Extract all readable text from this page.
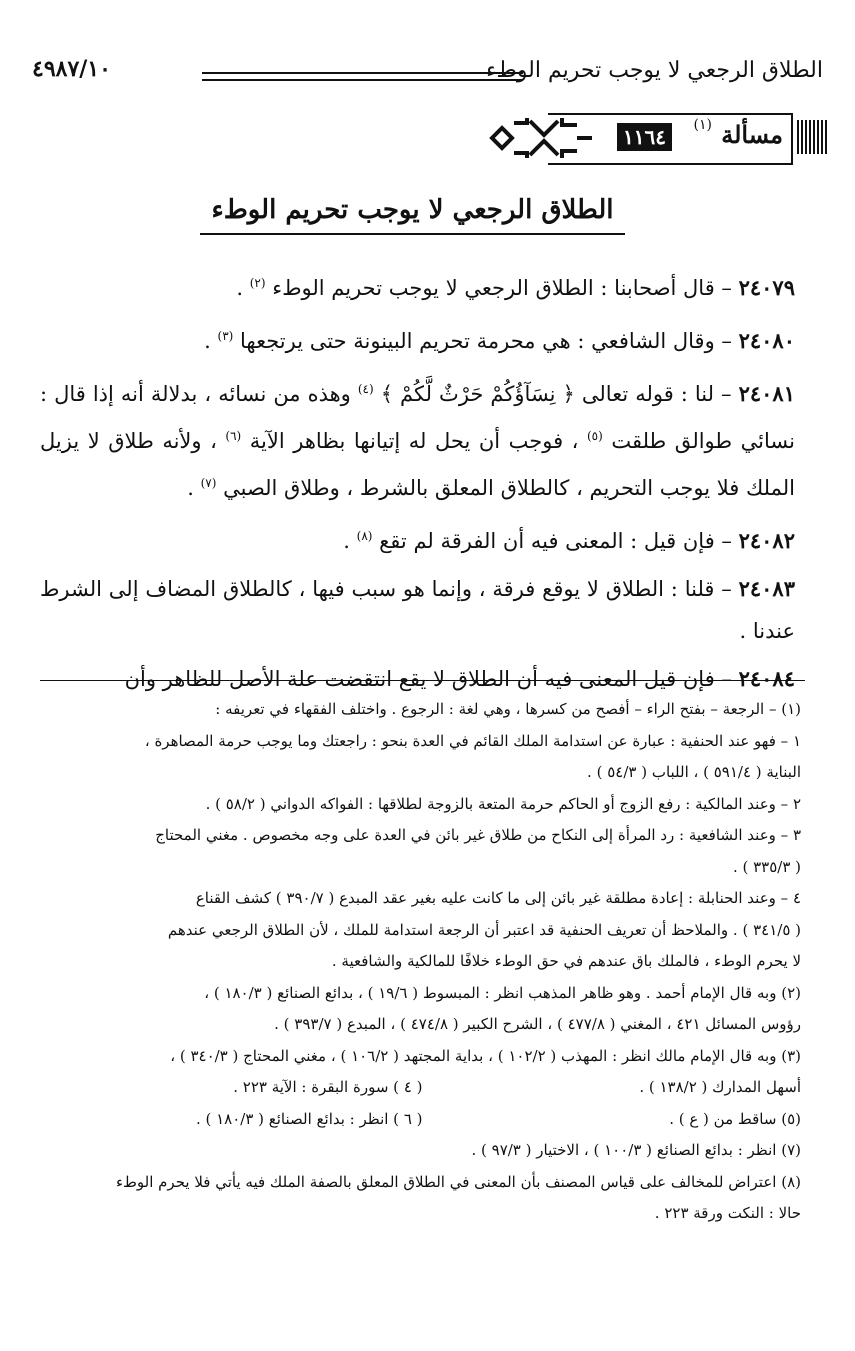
الطلاق الرجعي لا يوجب تحريم الوطء
٤٩٨٧/١٠
مسألة
(١)
١١٦٤
الطلاق الرجعي لا يوجب تحريم الوطء

٢٤٠٧٩ – قال أصحابنا : الطلاق الرجعي لا يوجب تحريم الوطء $^{(٢)}$ .

٢٤٠٨٠ – وقال الشافعي : هي محرمة تحريم البينونة حتى يرتجعها $^{(٣)}$ .

٢٤٠٨١ – لنا : قوله تعالى ﴿ نِسَآؤُكُمْ حَرْثٌ لَّكُمْ ﴾ $^{(٤)}$ وهذه من نسائه ، بدلالة أنه إذا قال : نسائي طوالق طلقت $^{(٥)}$ ، فوجب أن يحل له إتيانها بظاهر الآية $^{(٦)}$ ، ولأنه طلاق لا يزيل الملك فلا يوجب التحريم ، كالطلاق المعلق بالشرط ، وطلاق الصبي $^{(٧)}$ .

٢٤٠٨٢ – فإن قيل : المعنى فيه أن الفرقة لم تقع $^{(٨)}$ .

٢٤٠٨٣ – قلنا : الطلاق لا يوقع فرقة ، وإنما هو سبب فيها ، كالطلاق المضاف إلى الشرط عندنا .

٢٤٠٨٤ – فإن قيل المعنى فيه أن الطلاق لا يقع انتقضت علة الأصل للظاهر وأن

(١) – الرجعة – بفتح الراء – أفصح من كسرها ، وهي لغة : الرجوع . واختلف الفقهاء في تعريفه :

١ – فهو عند الحنفية : عبارة عن استدامة الملك القائم في العدة بنحو : راجعتك وما يوجب حرمة المصاهرة ،

البناية ( ٥٩١/٤ ) ، اللباب ( ٥٤/٣ ) .

٢ – وعند المالكية : رفع الزوج أو الحاكم حرمة المتعة بالزوجة لطلاقها : الفواكه الدواني ( ٥٨/٢ ) .

٣ – وعند الشافعية : رد المرأة إلى النكاح من طلاق غير بائن في العدة على وجه مخصوص . مغني المحتاج

( ٣٣٥/٣ ) .

٤ – وعند الحنابلة : إعادة مطلقة غير بائن إلى ما كانت عليه بغير عقد المبدع ( ٣٩٠/٧ ) كشف القناع

( ٣٤١/٥ ) . والملاحظ أن تعريف الحنفية قد اعتبر أن الرجعة استدامة للملك ، لأن الطلاق الرجعي عندهم

لا يحرم الوطء ، فالملك باق عندهم في حق الوطء خلافًا للمالكية والشافعية .

(٢) وبه قال الإمام أحمد . وهو ظاهر المذهب انظر : المبسوط ( ١٩/٦ ) ، بدائع الصنائع ( ١٨٠/٣ ) ،

رؤوس المسائل ٤٢١ ، المغني ( ٤٧٧/٨ ) ، الشرح الكبير ( ٤٧٤/٨ ) ، المبدع ( ٣٩٣/٧ ) .

(٣) وبه قال الإمام مالك انظر : المهذب ( ١٠٢/٢ ) ، بداية المجتهد ( ١٠٦/٢ ) ، مغني المحتاج ( ٣٤٠/٣ ) ،

أسهل المدارك ( ١٣٨/٢ ) .
( ٤ ) سورة البقرة : الآية ٢٢٣ .
(٥) ساقط من ( ع ) .
( ٦ ) انظر : بدائع الصنائع ( ١٨٠/٣ ) .

(٧) انظر : بدائع الصنائع ( ١٠٠/٣ ) ، الاختيار ( ٩٧/٣ ) .

(٨) اعتراض للمخالف على قياس المصنف بأن المعنى في الطلاق المعلق بالصفة الملك فيه يأتي فلا يحرم الوطء

حالا : النكت ورقة ٢٢٣ .
